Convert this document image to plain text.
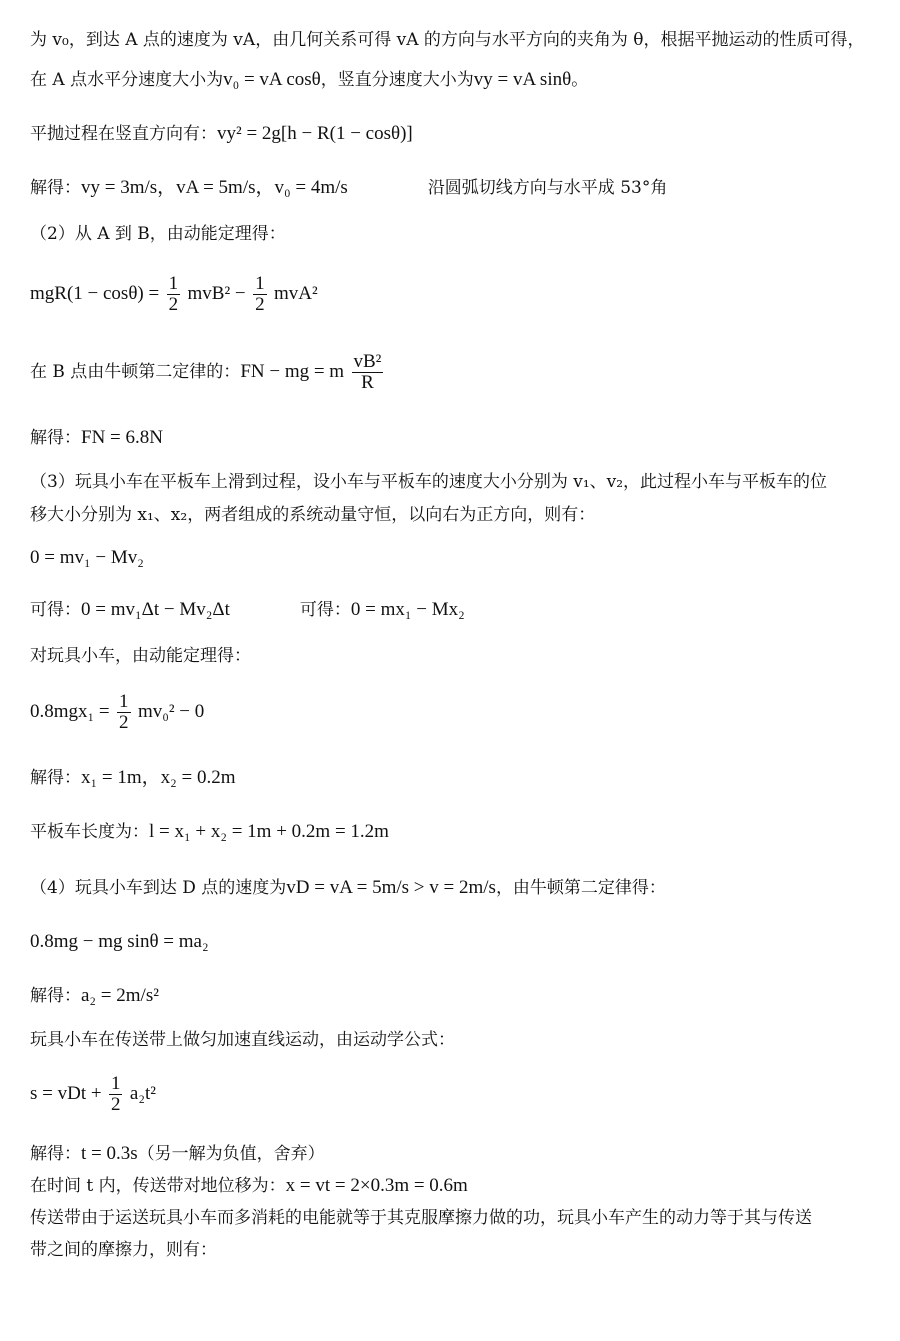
为 v₀，到达 A 点的速度为 vA，由几何关系可得 vA 的方向与水平方向的夹角为 θ，根据平抛运动的性质可得，
在 A 点水平分速度大小为v₀ = vA cosθ，竖直分速度大小为vy = vA sinθ。
平抛过程在竖直方向有：vy² = 2g[h − R(1 − cosθ)]
解得：vy = 3m/s，vA = 5m/s，v₀ = 4m/s	沿圆弧切线方向与水平成 53°角
（2）从 A 到 B，由动能定理得：
$mgR(1 - \cos\theta) = \frac{1}{2} mvB^2 - \frac{1}{2} mvA^2$
在 B 点由牛顿第二定律的：FN − mg = m $\frac{\text{vB²}}{R}$
解得：FN = 6.8N
（3）玩具小车在平板车上滑到过程，设小车与平板车的速度大小分别为 v₁、v₂，此过程小车与平板车的位
移大小分别为 x₁、x₂，两者组成的系统动量守恒，以向右为正方向，则有：
0 = mv₁ − Mv₂
可得：0 = mv₁Δt − Mv₂Δt	可得：0 = mx₁ − Mx₂
对玩具小车，由动能定理得：
$0.8mgx_1 = \frac{1}{2} mv_0^2 - 0$
解得：x₁ = 1m，x₂ = 0.2m
平板车长度为：l = x₁ + x₂ = 1m + 0.2m = 1.2m
（4）玩具小车到达 D 点的速度为vD = vA = 5m/s > v = 2m/s，由牛顿第二定律得：
0.8mg − mg sinθ = ma₂
解得：a₂ = 2m/s²
玩具小车在传送带上做匀加速直线运动，由运动学公式：
s = vDt + $\frac{1}{2} a_2t^2$
解得：t = 0.3s（另一解为负值，舍弃）
在时间 t 内，传送带对地位移为：x = vt = 2×0.3m = 0.6m
传送带由于运送玩具小车而多消耗的电能就等于其克服摩擦力做的功，玩具小车产生的动力等于其与传送
带之间的摩擦力，则有：
